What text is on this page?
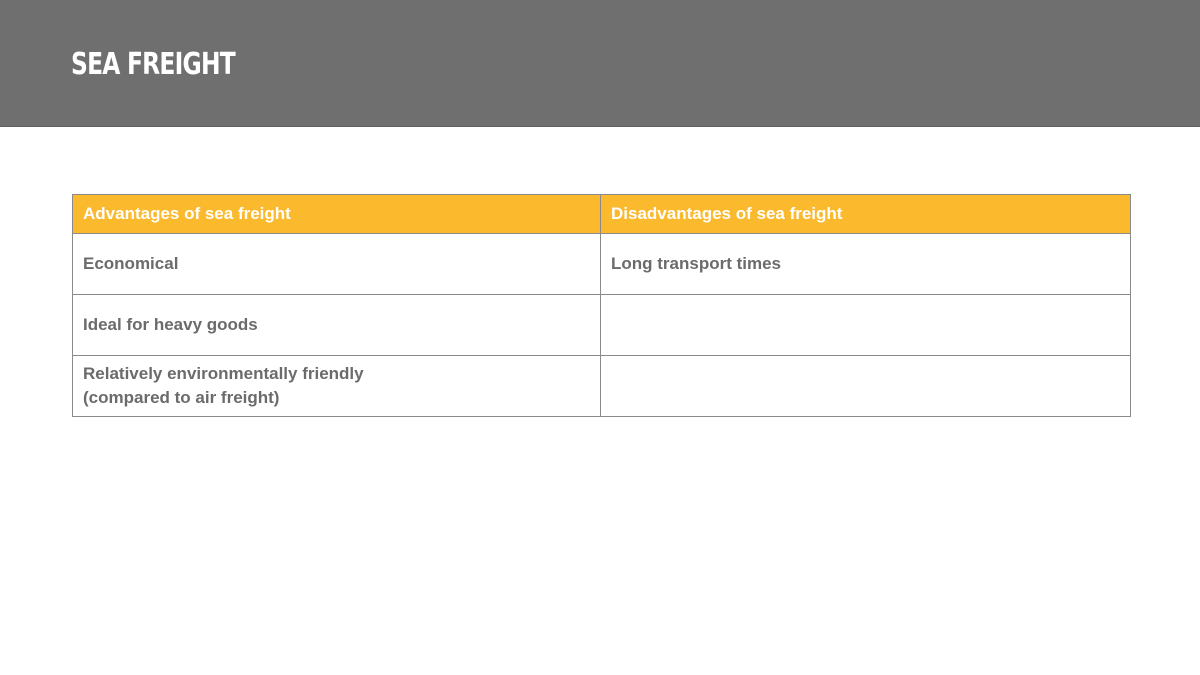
SEA FREIGHT
Advantages of sea freight	Disadvantages of sea freight
Economical	Long transport times
Ideal for heavy goods	
Relatively environmentally friendly
(compared to air freight)	
